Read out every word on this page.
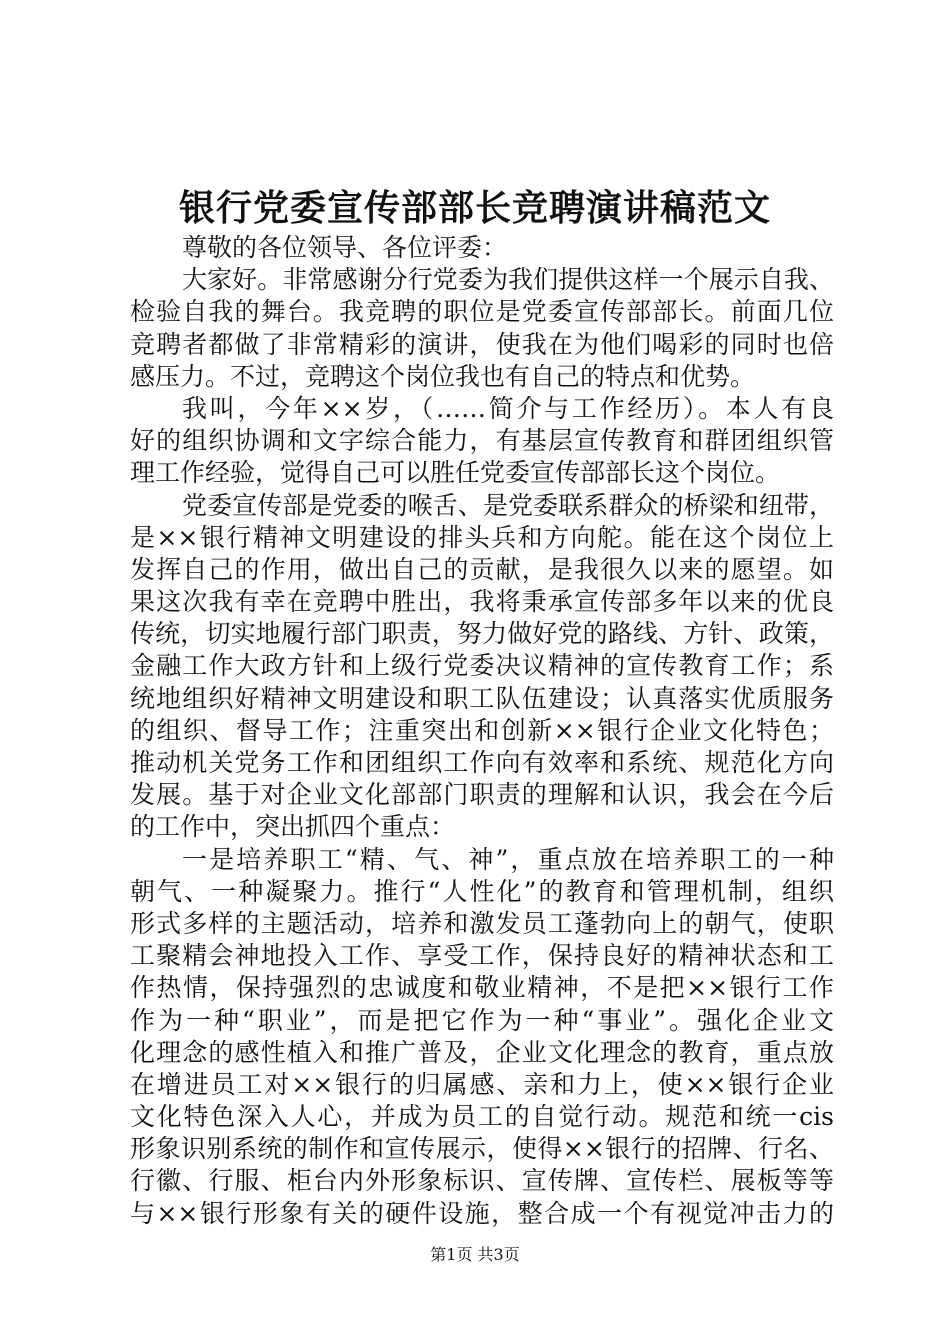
银行党委宣传部部长竞聘演讲稿范文
尊敬的各位领导、各位评委：
大家好。非常感谢分行党委为我们提供这样一个展示自我、
检验自我的舞台。我竞聘的职位是党委宣传部部长。前面几位
竞聘者都做了非常精彩的演讲，使我在为他们喝彩的同时也倍
感压力。不过，竞聘这个岗位我也有自己的特点和优势。
我叫，今年××岁，（……简介与工作经历）。本人有良
好的组织协调和文字综合能力，有基层宣传教育和群团组织管
理工作经验，觉得自己可以胜任党委宣传部部长这个岗位。
党委宣传部是党委的喉舌、是党委联系群众的桥梁和纽带，
是××银行精神文明建设的排头兵和方向舵。能在这个岗位上
发挥自己的作用，做出自己的贡献，是我很久以来的愿望。如
果这次我有幸在竞聘中胜出，我将秉承宣传部多年以来的优良
传统，切实地履行部门职责，努力做好党的路线、方针、政策，
金融工作大政方针和上级行党委决议精神的宣传教育工作；系
统地组织好精神文明建设和职工队伍建设；认真落实优质服务
的组织、督导工作；注重突出和创新××银行企业文化特色；
推动机关党务工作和团组织工作向有效率和系统、规范化方向
发展。基于对企业文化部部门职责的理解和认识，我会在今后
的工作中，突出抓四个重点：
一是培养职工“精、气、神”，重点放在培养职工的一种
朝气、一种凝聚力。推行“人性化”的教育和管理机制，组织
形式多样的主题活动，培养和激发员工蓬勃向上的朝气，使职
工聚精会神地投入工作、享受工作，保持良好的精神状态和工
作热情，保持强烈的忠诚度和敬业精神，不是把××银行工作
作为一种“职业”，而是把它作为一种“事业”。强化企业文
化理念的感性植入和推广普及，企业文化理念的教育，重点放
在增进员工对××银行的归属感、亲和力上，使××银行企业
文化特色深入人心，并成为员工的自觉行动。规范和统一cis
形象识别系统的制作和宣传展示，使得××银行的招牌、行名、
行徽、行服、柜台内外形象标识、宣传牌、宣传栏、展板等等
与××银行形象有关的硬件设施，整合成一个有视觉冲击力的
第1页 共3页
